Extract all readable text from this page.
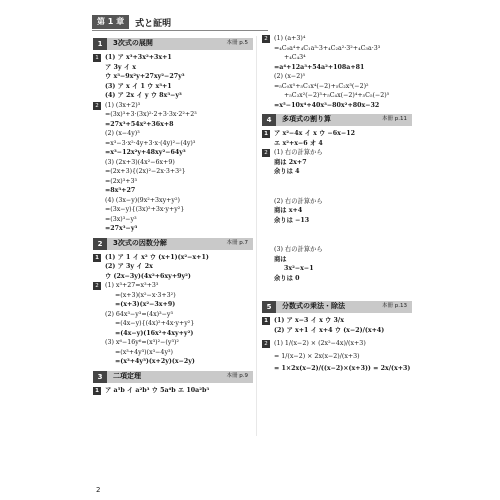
第 1 章	式と証明
1	3次式の展開	本冊 p.5
1 (1) ア x³+3x²+3x+1
ア 3y イ x
ウ x³−9x²y+27xy²−27y³
(3) ア x イ 1 ウ x³+1
(4) ア 2x イ y ウ 8x³−y³
2 (1) (3x+2)³
=(3x)³+3·(3x)²·2+3·3x·2²+2³
=27x³+54x²+36x+8
(2) (x−4y)³
=x³−3·x²·4y+3·x·(4y)²−(4y)³
=x³−12x²y+48xy²−64y³
(3) (2x+3)(4x²−6x+9)
=(2x+3){(2x)²−2x·3+3²}
=(2x)³+3³
=8x³+27
(4) (3x−y)(9x²+3xy+y²)
=(3x−y){(3x)²+3x·y+y²}
=(3x)³−y³
=27x³−y³
2	3次式の因数分解	本冊 p.7
1 (1) ア 1 イ x² ウ (x+1)(x²−x+1)
(2) ア 3y イ 2x
ウ (2x−3y)(4x²+6xy+9y²)
2 (1) x³+27=x³+3³
=(x+3)(x²−x·3+3²)
=(x+3)(x²−3x+9)
(2) 64x³−y³=(4x)³−y³
=(4x−y){(4x)²+4x·y+y²}
=(4x−y)(16x²+4xy+y²)
(3) x⁶−16y⁶=(x³)²−(y³)²
=(x³+4y³)(x³−4y³)
=(x³+4y³)(x+2y)(x−2y)
3	二項定理	本冊 p.9
1 ア a⁵b イ a²b³ ウ 5a⁴b エ 10a²b³
2 (1) (a+3)⁴
=₄C₀a⁴+₄C₁a³·3+₄C₂a²·3²+₄C₃a·3³
+₄C₄3⁴
=a⁴+12a³+54a²+108a+81
(2) (x−2)⁵
=₅C₀x⁵+₅C₁x⁴(−2)+₅C₂x³(−2)²
+₅C₃x²(−2)³+₅C₄x(−2)⁴+₅C₅(−2)⁵
=x⁵−10x⁴+40x³−80x²+80x−32
4	多項式の割り算	本冊 p.11
1 ア x²−4x イ x ウ −6x−12
エ x²+x−6 オ 4
2 (1) 右の計算から
商は 2x+7
余りは 4
(2) 右の計算から
商は x+4
余りは −13
(3) 右の計算から
商は
3x²−x−1
余りは 0
5	分数式の乗法・除法	本冊 p.13
1 (1) ア x−3 イ x ウ 3/x
(2) ア x+1 イ x+4 ウ (x−2)/(x+4)
2 (1) 1/(x−2) × (2x²−4x)/(x+3)
= 1/(x−2) × 2x(x−2)/(x+3)
= 1×2x(x−2)/((x−2)×(x+3)) = 2x/(x+3)
2
